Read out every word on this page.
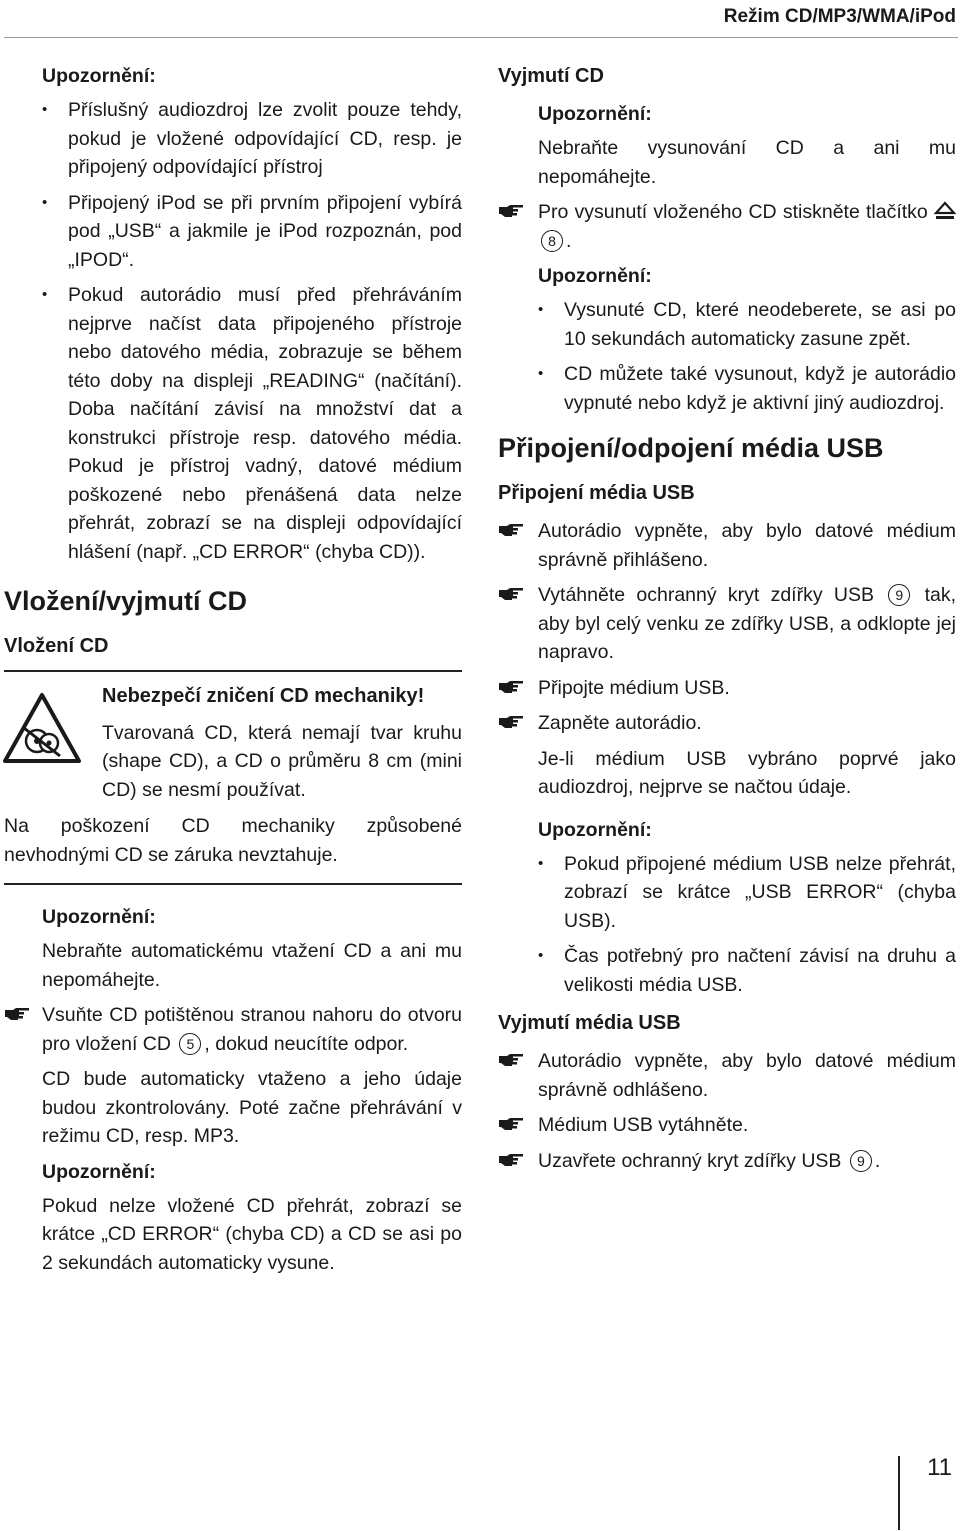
Režim CD/MP3/WMA/iPod
Upozornění:
• Příslušný audiozdroj lze zvolit pouze tehdy, pokud je vložené odpovídající CD, resp. je připojený odpovídající přístroj
• Připojený iPod se při prvním připojení vybírá pod „USB“ a jakmile je iPod rozpoznán, pod „IPOD“.
• Pokud autorádio musí před přehráváním nejprve načíst data připojeného přístroje nebo datového média, zobrazuje se během této doby na displeji „READING“ (načítání). Doba načítání závisí na množství dat a konstrukci přístroje resp. datového média. Pokud je přístroj vadný, datové médium poškozené nebo přenášená data nelze přehrát, zobrazí se na displeji odpovídající hlášení (např. „CD ERROR“ (chyba CD)).
Vložení/vyjmutí CD
Vložení CD
Nebezpečí zničení CD mechaniky!
Tvarovaná CD, která nemají tvar kruhu (shape CD), a CD o průměru 8 cm (mini CD) se nesmí používat.
Na poškození CD mechaniky způsobené nevhodnými CD se záruka nevztahuje.
Upozornění:
Nebraňte automatickému vtažení CD a ani mu nepomáhejte.
Vsuňte CD potištěnou stranou nahoru do otvoru pro vložení CD 5 , dokud neucítíte odpor.
CD bude automaticky vtaženo a jeho údaje budou zkontrolovány. Poté začne přehrávání v režimu CD, resp. MP3.
Upozornění:
Pokud nelze vložené CD přehrát, zobrazí se krátce „CD ERROR“ (chyba CD) a CD se asi po 2 sekundách automaticky vysune.
Vyjmutí CD
Upozornění:
Nebraňte vysunování CD a ani mu nepomáhejte.
Pro vysunutí vloženého CD stiskněte tlačítko 8 .
Upozornění:
• Vysunuté CD, které neodeberete, se asi po 10 sekundách automaticky zasune zpět.
• CD můžete také vysunout, když je autorádio vypnuté nebo když je aktivní jiný audiozdroj.
Připojení/odpojení média USB
Připojení média USB
Autorádio vypněte, aby bylo datové médium správně přihlášeno.
Vytáhněte ochranný kryt zdířky USB 9 tak, aby byl celý venku ze zdířky USB, a odklopte jej napravo.
Připojte médium USB.
Zapněte autorádio.
Je-li médium USB vybráno poprvé jako audiozdroj, nejprve se načtou údaje.
Upozornění:
• Pokud připojené médium USB nelze přehrát, zobrazí se krátce „USB ERROR“ (chyba USB).
• Čas potřebný pro načtení závisí na druhu a velikosti média USB.
Vyjmutí média USB
Autorádio vypněte, aby bylo datové médium správně odhlášeno.
Médium USB vytáhněte.
Uzavřete ochranný kryt zdířky USB 9 .
11
